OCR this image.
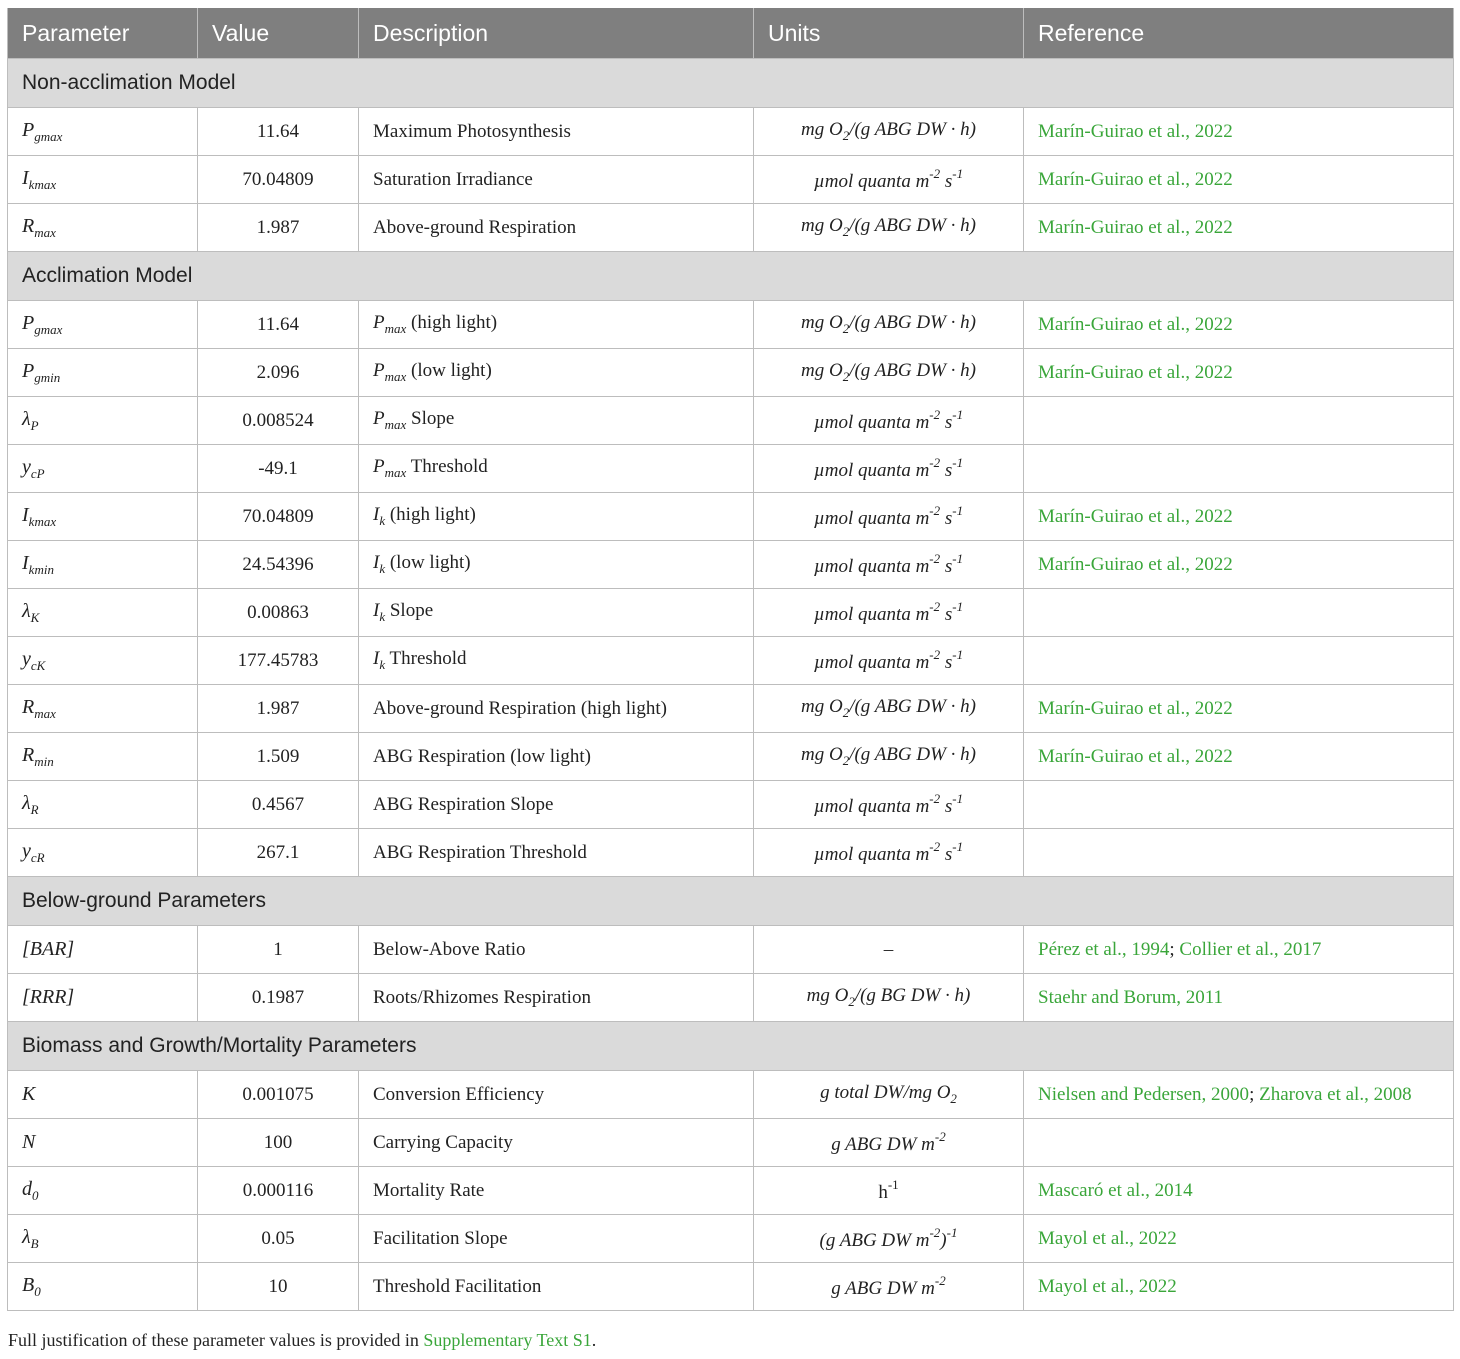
Parameter	Value	Description	Units	Reference
Non-acclimation Model				
$P_{gmax}$	11.64	Maximum Photosynthesis	mg $O_2/(g$ ABG DW · h)	Marín-Guirao et al., 2022
$I_{kmax}$	70.04809	Saturation Irradiance	µmol quanta $m^{-2}$ $s^{-1}$	Marín-Guirao et al., 2022
$R_{max}$	1.987	Above-ground Respiration	mg $O_2/(g$ ABG DW · h)	Marín-Guirao et al., 2022
Acclimation Model				
$P_{gmax}$	11.64	$P_{max}$ (high light)	mg $O_2/(g$ ABG DW · h)	Marín-Guirao et al., 2022
$P_{gmin}$	2.096	$P_{max}$ (low light)	mg $O_2/(g$ ABG DW · h)	Marín-Guirao et al., 2022
$\lambda_P$	0.008524	$P_{max}$ Slope	µmol quanta $m^{-2}$ $s^{-1}$	
$y_{cP}$	-49.1	$P_{max}$ Threshold	µmol quanta $m^{-2}$ $s^{-1}$	
$I_{kmax}$	70.04809	$I_k$ (high light)	µmol quanta $m^{-2}$ $s^{-1}$	Marín-Guirao et al., 2022
$I_{kmin}$	24.54396	$I_k$ (low light)	µmol quanta $m^{-2}$ $s^{-1}$	Marín-Guirao et al., 2022
$\lambda_K$	0.00863	$I_k$ Slope	µmol quanta $m^{-2}$ $s^{-1}$	
$y_{cK}$	177.45783	$I_k$ Threshold	µmol quanta $m^{-2}$ $s^{-1}$	
$R_{max}$	1.987	Above-ground Respiration (high light)	mg $O_2/(g$ ABG DW · h)	Marín-Guirao et al., 2022
$R_{min}$	1.509	ABG Respiration (low light)	mg $O_2/(g$ ABG DW · h)	Marín-Guirao et al., 2022
$\lambda_R$	0.4567	ABG Respiration Slope	µmol quanta $m^{-2}$ $s^{-1}$	
$y_{cR}$	267.1	ABG Respiration Threshold	µmol quanta $m^{-2}$ $s^{-1}$	
Below-ground Parameters				
[BAR]	1	Below-Above Ratio	–	Pérez et al., 1994; Collier et al., 2017
[RRR]	0.1987	Roots/Rhizomes Respiration	mg $O_2/(g$ BG DW · h)	Staehr and Borum, 2011
Biomass and Growth/Mortality Parameters				
K	0.001075	Conversion Efficiency	g total DW/mg $O_2$	Nielsen and Pedersen, 2000; Zharova et al., 2008
N	100	Carrying Capacity	g ABG DW $m^{-2}$	
$d_0$	0.000116	Mortality Rate	$h^{-1}$	Mascaró et al., 2014
$\lambda_B$	0.05	Facilitation Slope	(g ABG DW $m^{-2})^{-1}$	Mayol et al., 2022
$B_0$	10	Threshold Facilitation	g ABG DW $m^{-2}$	Mayol et al., 2022
Full justification of these parameter values is provided in Supplementary Text S1.
